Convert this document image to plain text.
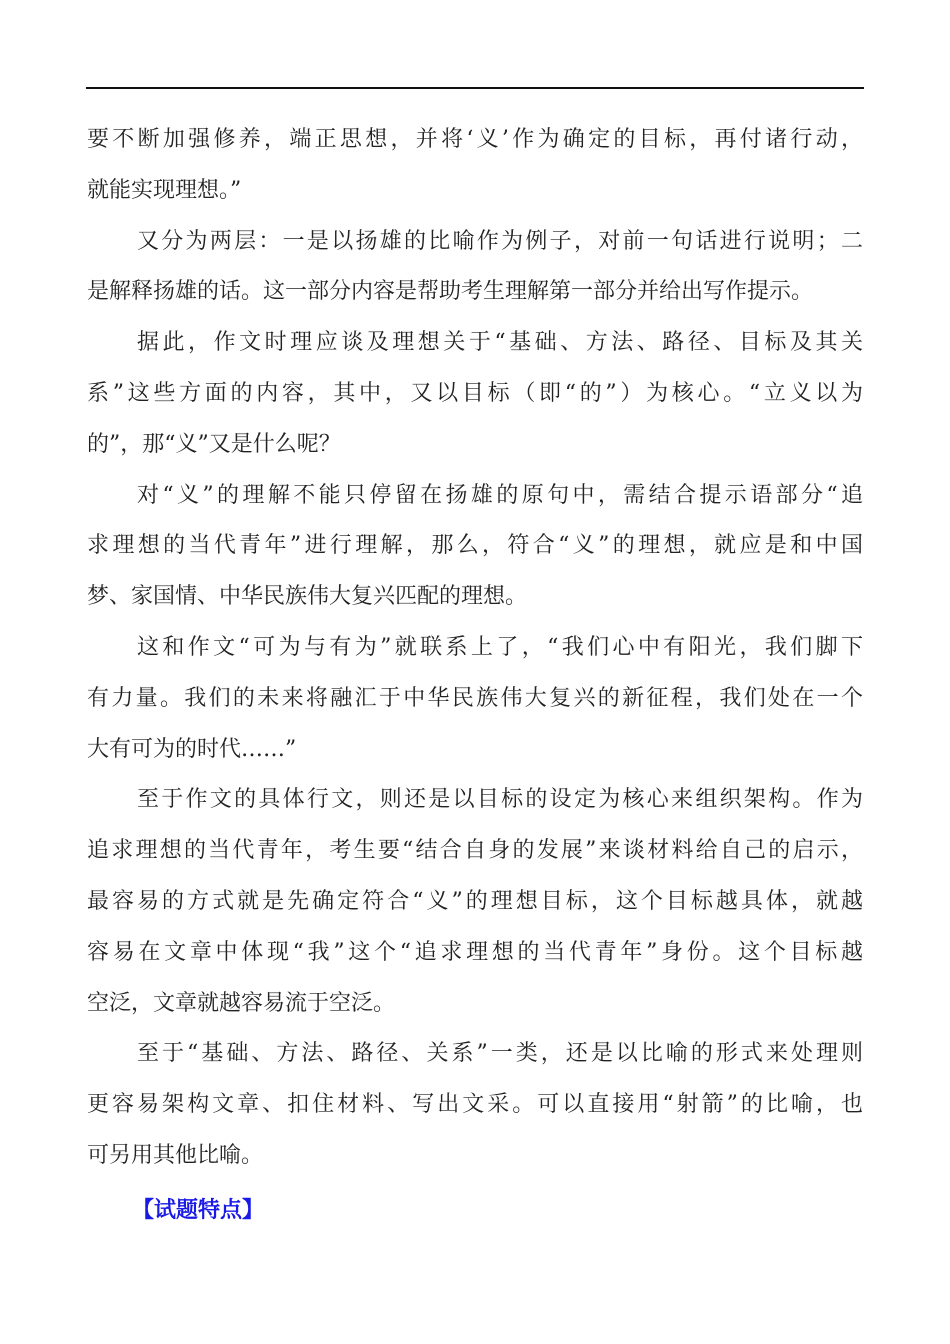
要不断加强修养，端正思想，并将‘义’作为确定的目标，再付诸行动，
就能实现理想。”
又分为两层：一是以扬雄的比喻作为例子，对前一句话进行说明；二
是解释扬雄的话。这一部分内容是帮助考生理解第一部分并给出写作提示。
据此，作文时理应谈及理想关于“基础、方法、路径、目标及其关
系”这些方面的内容，其中，又以目标（即“的”）为核心。“立义以为
的”，那“义”又是什么呢？
对“义”的理解不能只停留在扬雄的原句中，需结合提示语部分“追
求理想的当代青年”进行理解，那么，符合“义”的理想，就应是和中国
梦、家国情、中华民族伟大复兴匹配的理想。
这和作文“可为与有为”就联系上了，“我们心中有阳光，我们脚下
有力量。我们的未来将融汇于中华民族伟大复兴的新征程，我们处在一个
大有可为的时代……”
至于作文的具体行文，则还是以目标的设定为核心来组织架构。作为
追求理想的当代青年，考生要“结合自身的发展”来谈材料给自己的启示，
最容易的方式就是先确定符合“义”的理想目标，这个目标越具体，就越
容易在文章中体现“我”这个“追求理想的当代青年”身份。这个目标越
空泛，文章就越容易流于空泛。
至于“基础、方法、路径、关系”一类，还是以比喻的形式来处理则
更容易架构文章、扣住材料、写出文采。可以直接用“射箭”的比喻，也
可另用其他比喻。
【试题特点】
